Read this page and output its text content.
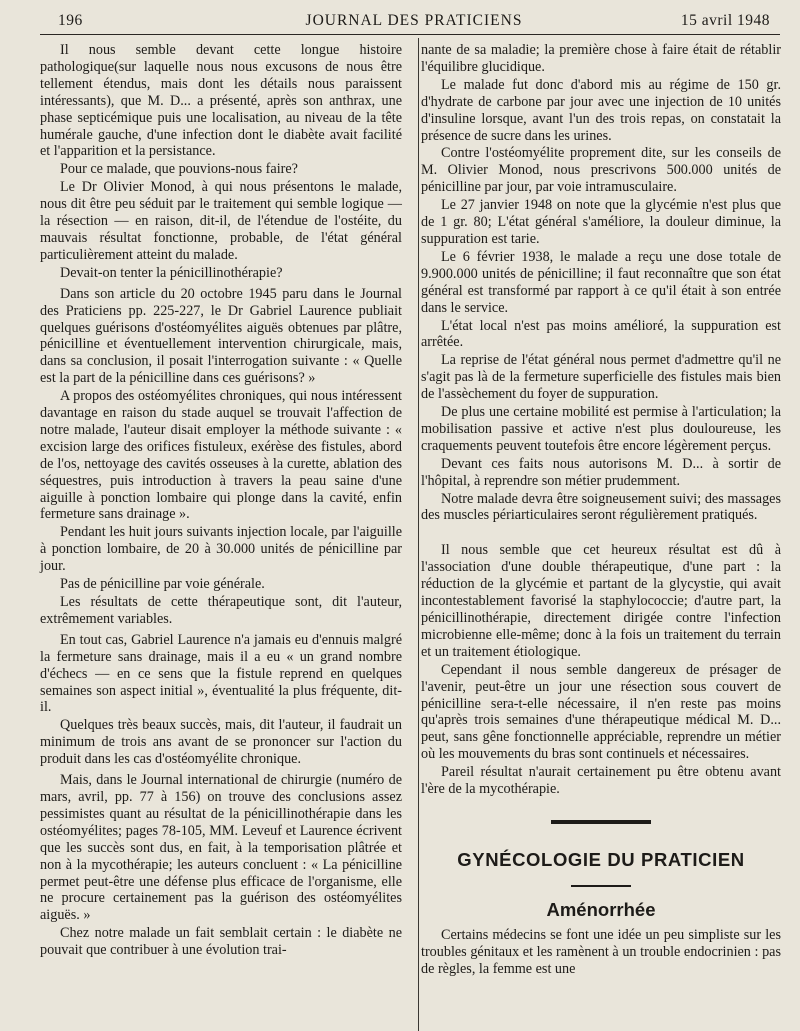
196	JOURNAL DES PRATICIENS	15 avril 1948

Il nous semble devant cette longue histoire pathologique(sur laquelle nous nous excusons de nous être tellement étendus, mais dont les détails nous paraissent intéressants), que M. D... a présenté, après son anthrax, une phase septicémique puis une localisation, au niveau de la tête humérale gauche, d'une infection dont le diabète avait facilité et l'apparition et la persistance.

Pour ce malade, que pouvions-nous faire?

Le Dr Olivier Monod, à qui nous présentons le malade, nous dit être peu séduit par le traitement qui semble logique — la résection — en raison, dit-il, de l'étendue de l'ostéite, du mauvais résultat fonctionne, probable, de l'état général particulièrement atteint du malade.

Devait-on tenter la pénicillinothérapie?

Dans son article du 20 octobre 1945 paru dans le Journal des Praticiens pp. 225-227, le Dr Gabriel Laurence publiait quelques guérisons d'ostéomyélites aiguës obtenues par plâtre, pénicilline et éventuellement intervention chirurgicale, mais, dans sa conclusion, il posait l'interrogation suivante : « Quelle est la part de la pénicilline dans ces guérisons? »

A propos des ostéomyélites chroniques, qui nous intéressent davantage en raison du stade auquel se trouvait l'affection de notre malade, l'auteur disait employer la méthode suivante : « excision large des orifices fistuleux, exérèse des fistules, abord de l'os, nettoyage des cavités osseuses à la curette, ablation des séquestres, puis introduction à travers la peau saine d'une aiguille à ponction lombaire qui plonge dans la cavité, enfin fermeture sans drainage ».

Pendant les huit jours suivants injection locale, par l'aiguille à ponction lombaire, de 20 à 30.000 unités de pénicilline par jour.

Pas de pénicilline par voie générale.

Les résultats de cette thérapeutique sont, dit l'auteur, extrêmement variables.

En tout cas, Gabriel Laurence n'a jamais eu d'ennuis malgré la fermeture sans drainage, mais il a eu « un grand nombre d'échecs — en ce sens que la fistule reprend en quelques semaines son aspect initial », éventualité la plus fréquente, dit-il.

Quelques très beaux succès, mais, dit l'auteur, il faudrait un minimum de trois ans avant de se prononcer sur l'action du produit dans les cas d'ostéomyélite chronique.

Mais, dans le Journal international de chirurgie (numéro de mars, avril, pp. 77 à 156) on trouve des conclusions assez pessimistes quant au résultat de la pénicillinothérapie dans les ostéomyélites; pages 78-105, MM. Leveuf et Laurence écrivent que les succès sont dus, en fait, à la temporisation plâtrée et non à la mycothérapie; les auteurs concluent : « La pénicilline permet peut-être une défense plus efficace de l'organisme, elle ne procure certainement pas la guérison des ostéomyélites aiguës. »

Chez notre malade un fait semblait certain : le diabète ne pouvait que contribuer à une évolution trai-

nante de sa maladie; la première chose à faire était de rétablir l'équilibre glucidique.

Le malade fut donc d'abord mis au régime de 150 gr. d'hydrate de carbone par jour avec une injection de 10 unités d'insuline lorsque, avant l'un des trois repas, on constatait la présence de sucre dans les urines.

Contre l'ostéomyélite proprement dite, sur les conseils de M. Olivier Monod, nous prescrivons 500.000 unités de pénicilline par jour, par voie intramusculaire.

Le 27 janvier 1948 on note que la glycémie n'est plus que de 1 gr. 80; L'état général s'améliore, la douleur diminue, la suppuration est tarie.

Le 6 février 1938, le malade a reçu une dose totale de 9.900.000 unités de pénicilline; il faut reconnaître que son état général est transformé par rapport à ce qu'il était à son entrée dans le service.

L'état local n'est pas moins amélioré, la suppuration est arrêtée.

La reprise de l'état général nous permet d'admettre qu'il ne s'agit pas là de la fermeture superficielle des fistules mais bien de l'assèchement du foyer de suppuration.

De plus une certaine mobilité est permise à l'articulation; la mobilisation passive et active n'est plus douloureuse, les craquements peuvent toutefois être encore légèrement perçus.

Devant ces faits nous autorisons M. D... à sortir de l'hôpital, à reprendre son métier prudemment.

Notre malade devra être soigneusement suivi; des massages des muscles périarticulaires seront régulièrement pratiqués.

Il nous semble que cet heureux résultat est dû à l'association d'une double thérapeutique, d'une part : la réduction de la glycémie et partant de la glycystie, qui avait incontestablement favorisé la staphylococcie; d'autre part, la pénicillinothérapie, directement dirigée contre l'infection microbienne elle-même; donc à la fois un traitement du terrain et un traitement étiologique.

Cependant il nous semble dangereux de présager de l'avenir, peut-être un jour une résection sous couvert de pénicilline sera-t-elle nécessaire, il n'en reste pas moins qu'après trois semaines d'une thérapeutique médical M. D... peut, sans gêne fonctionnelle appréciable, reprendre un métier où les mouvements du bras sont continuels et nécessaires.

Pareil résultat n'aurait certainement pu être obtenu avant l'ère de la mycothérapie.

GYNÉCOLOGIE DU PRATICIEN
Aménorrhée

Certains médecins se font une idée un peu simpliste sur les troubles génitaux et les ramènent à un trouble endocrinien : pas de règles, la femme est une
